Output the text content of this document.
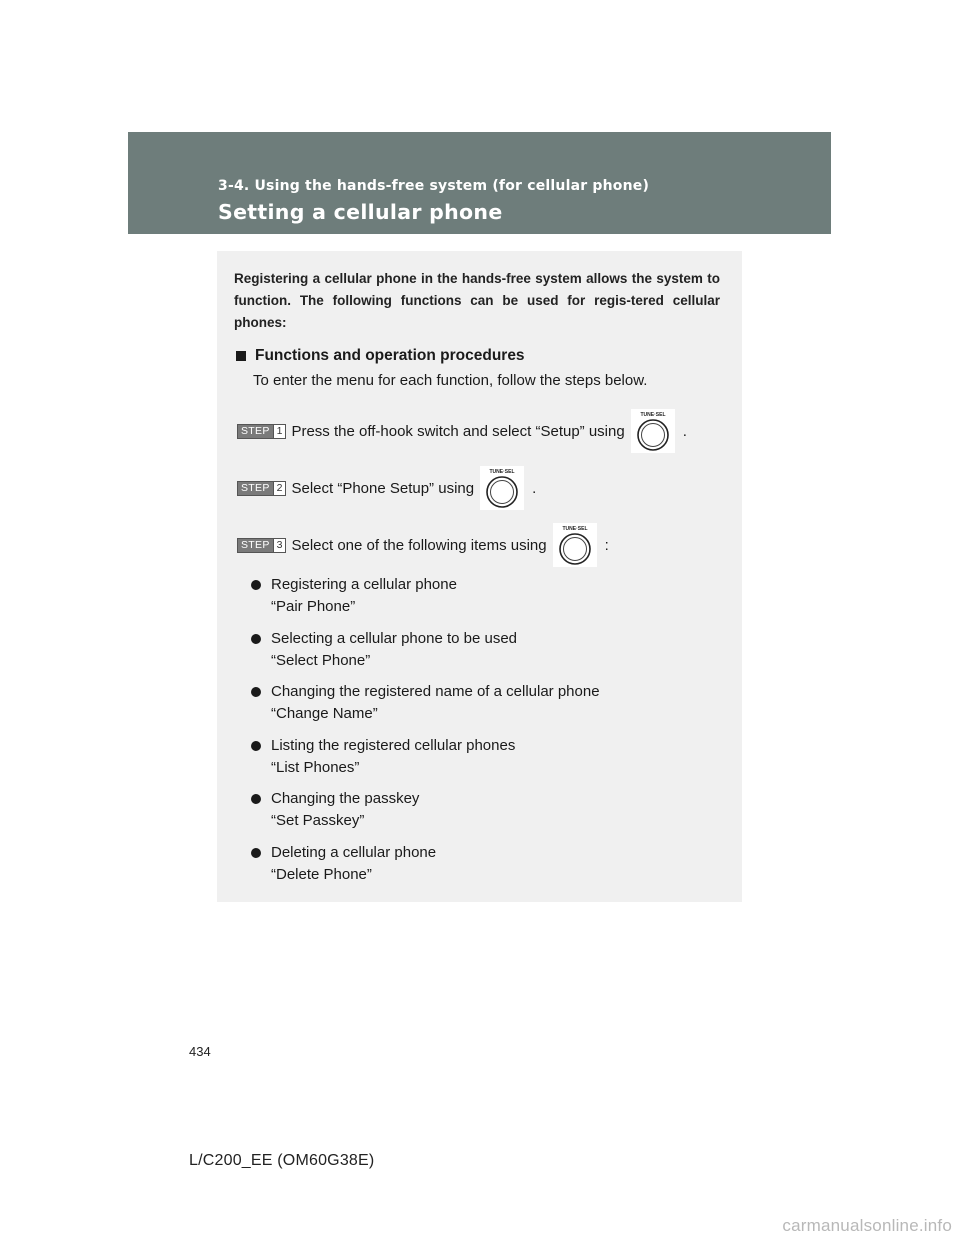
3-4. Using the hands-free system (for cellular phone)
Setting a cellular phone
Registering a cellular phone in the hands-free system allows the system to function. The following functions can be used for regis-tered cellular phones:
Functions and operation procedures
To enter the menu for each function, follow the steps below.
STEP 1 Press the off-hook switch and select “Setup” using
TUNE·SEL
.
STEP 2 Select “Phone Setup” using
TUNE·SEL
.
STEP 3 Select one of the following items using
TUNE·SEL
:
Registering a cellular phone
“Pair Phone”
Selecting a cellular phone to be used
“Select Phone”
Changing the registered name of a cellular phone
“Change Name”
Listing the registered cellular phones
“List Phones”
Changing the passkey
“Set Passkey”
Deleting a cellular phone
“Delete Phone”
434
L/C200_EE (OM60G38E)
carmanualsonline.info
